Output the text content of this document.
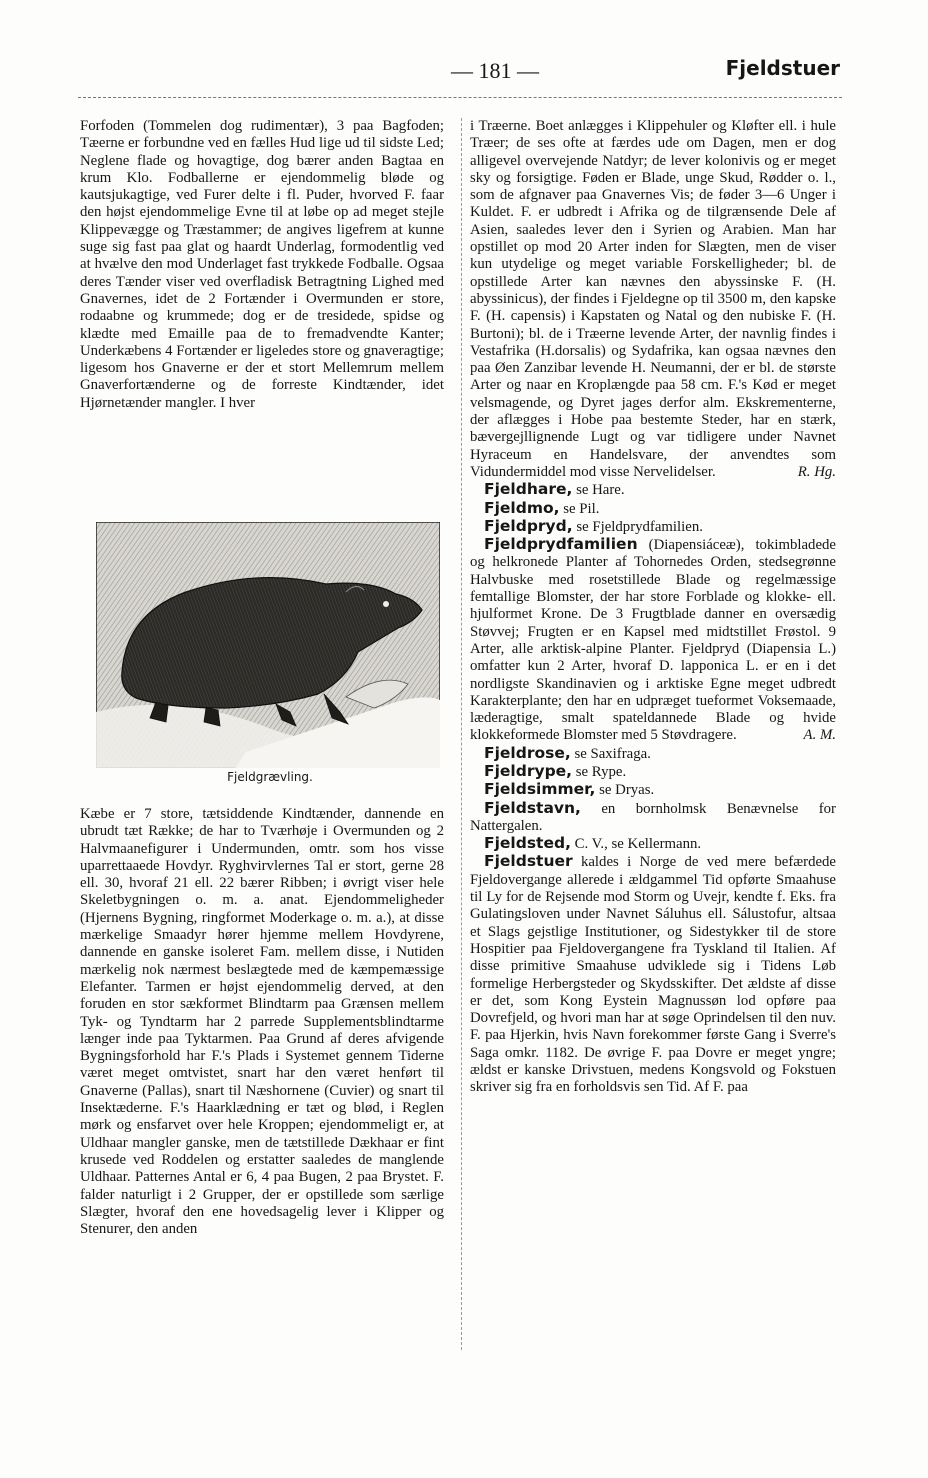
— 181 —	Fjeldstuer

Forfoden (Tommelen dog rudimentær), 3 paa Bagfoden; Tæerne er forbundne ved en fælles Hud lige ud til sidste Led; Neglene flade og hovagtige, dog bærer anden Bagtaa en krum Klo. Fodballerne er ejendommelig bløde og kautsjukagtige, ved Furer delte i fl. Puder, hvorved F. faar den højst ejendommelige Evne til at løbe op ad meget stejle Klippevægge og Træstammer; de angives ligefrem at kunne suge sig fast paa glat og haardt Underlag, formodentlig ved at hvælve den mod Underlaget fast trykkede Fodballe. Ogsaa deres Tænder viser ved overfladisk Betragtning Lighed med Gnavernes, idet de 2 Fortænder i Overmunden er store, rodaabne og krummede; dog er de tresidede, spidse og klædte med Emaille paa de to fremadvendte Kanter; Underkæbens 4 Fortænder er ligeledes store og gnaveragtige; ligesom hos Gnaverne er der et stort Mellemrum mellem Gnaverfortænderne og de forreste Kindtænder, idet Hjørnetænder mangler. I hver

Fjeldgrævling.

Kæbe er 7 store, tætsiddende Kindtænder, dannende en ubrudt tæt Række; de har to Tværhøje i Overmunden og 2 Halvmaanefigurer i Undermunden, omtr. som hos visse uparrettaaede Hovdyr. Ryghvirvlernes Tal er stort, gerne 28 ell. 30, hvoraf 21 ell. 22 bærer Ribben; i øvrigt viser hele Skeletbygningen o. m. a. anat. Ejendommeligheder (Hjernens Bygning, ringformet Moderkage o. m. a.), at disse mærkelige Smaadyr hører hjemme mellem Hovdyrene, dannende en ganske isoleret Fam. mellem disse, i Nutiden mærkelig nok nærmest beslægtede med de kæmpemæssige Elefanter. Tarmen er højst ejendommelig derved, at den foruden en stor sækformet Blindtarm paa Grænsen mellem Tyk- og Tyndtarm har 2 parrede Supplementsblindtarme længer inde paa Tyktarmen. Paa Grund af deres afvigende Bygningsforhold har F.'s Plads i Systemet gennem Tiderne været meget omtvistet, snart har den været henført til Gnaverne (Pallas), snart til Næshornene (Cuvier) og snart til Insektæderne. F.'s Haarklædning er tæt og blød, i Reglen mørk og ensfarvet over hele Kroppen; ejendommeligt er, at Uldhaar mangler ganske, men de tætstillede Dækhaar er fint krusede ved Roddelen og erstatter saaledes de manglende Uldhaar. Patternes Antal er 6, 4 paa Bugen, 2 paa Brystet. F. falder naturligt i 2 Grupper, der er opstillede som særlige Slægter, hvoraf den ene hovedsagelig lever i Klipper og Stenurer, den anden

i Træerne. Boet anlægges i Klippehuler og Kløfter ell. i hule Træer; de ses ofte at færdes ude om Dagen, men er dog alligevel overvejende Natdyr; de lever kolonivis og er meget sky og forsigtige. Føden er Blade, unge Skud, Rødder o. l., som de afgnaver paa Gnavernes Vis; de føder 3—6 Unger i Kuldet. F. er udbredt i Afrika og de tilgrænsende Dele af Asien, saaledes lever den i Syrien og Arabien. Man har opstillet op mod 20 Arter inden for Slægten, men de viser kun utydelige og meget variable Forskelligheder; bl. de opstillede Arter kan nævnes den abyssinske F. (H. abyssinicus), der findes i Fjeldegne op til 3500 m, den kapske F. (H. capensis) i Kapstaten og Natal og den nubiske F. (H. Burtoni); bl. de i Træerne levende Arter, der navnlig findes i Vestafrika (H.dorsalis) og Sydafrika, kan ogsaa nævnes den paa Øen Zanzibar levende H. Neumanni, der er bl. de største Arter og naar en Kroplængde paa 58 cm. F.'s Kød er meget velsmagende, og Dyret jages derfor alm. Ekskrementerne, der aflægges i Hobe paa bestemte Steder, har en stærk, bævergejllignende Lugt og var tidligere under Navnet Hyraceum en Handelsvare, der anvendtes som Vidundermiddel mod visse Nervelidelser.	R. Hg.

Fjeldhare, se Hare.

Fjeldmo, se Pil.

Fjeldpryd, se Fjeldprydfamilien.

Fjeldprydfamilien (Diapensiáceæ), tokimbladede og helkronede Planter af Tohornedes Orden, stedsegrønne Halvbuske med rosetstillede Blade og regelmæssige femtallige Blomster, der har store Forblade og klokke- ell. hjulformet Krone. De 3 Frugtblade danner en oversædig Støvvej; Frugten er en Kapsel med midtstillet Frøstol. 9 Arter, alle arktisk-alpine Planter. Fjeldpryd (Diapensia L.) omfatter kun 2 Arter, hvoraf D. lapponica L. er en i det nordligste Skandinavien og i arktiske Egne meget udbredt Karakterplante; den har en udpræget tueformet Voksemaade, læderagtige, smalt spateldannede Blade og hvide klokkeformede Blomster med 5 Støvdragere.	A. M.

Fjeldrose, se Saxifraga.

Fjeldrype, se Rype.

Fjeldsimmer, se Dryas.

Fjeldstavn, en bornholmsk Benævnelse for Nattergalen.

Fjeldsted, C. V., se Kellermann.

Fjeldstuer kaldes i Norge de ved mere befærdede Fjeldovergange allerede i ældgammel Tid opførte Smaahuse til Ly for de Rejsende mod Storm og Uvejr, kendte f. Eks. fra Gulatingsloven under Navnet Sáluhus ell. Sálustofur, altsaa et Slags gejstlige Institutioner, og Sidestykker til de store Hospitier paa Fjeldovergangene fra Tyskland til Italien. Af disse primitive Smaahuse udviklede sig i Tidens Løb formelige Herbergsteder og Skydsskifter. Det ældste af disse er det, som Kong Eystein Magnussøn lod opføre paa Dovrefjeld, og hvori man har at søge Oprindelsen til den nuv. F. paa Hjerkin, hvis Navn forekommer første Gang i Sverre's Saga omkr. 1182. De øvrige F. paa Dovre er meget yngre; ældst er kanske Drivstuen, medens Kongsvold og Fokstuen skriver sig fra en forholdsvis sen Tid. Af F. paa
